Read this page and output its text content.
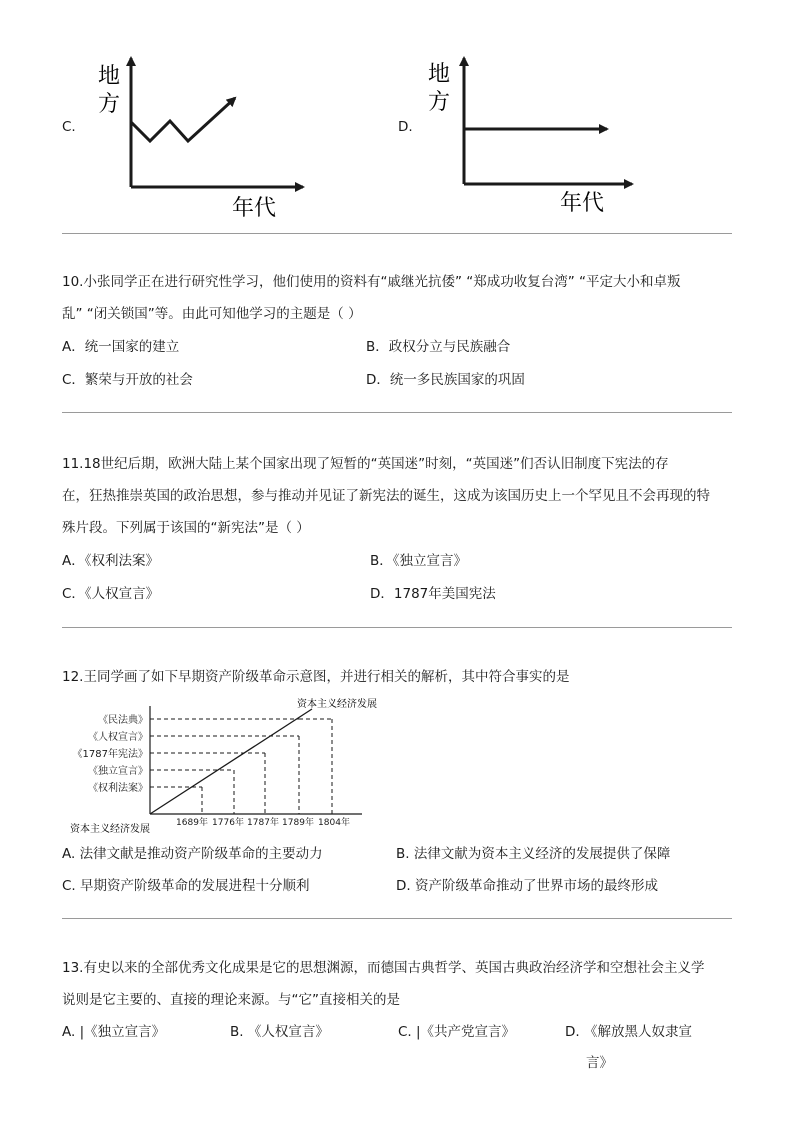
C.
地
方
年代
D.
地
方
年代
10.小张同学正在进行研究性学习，他们使用的资料有“戚继光抗倭” “郑成功收复台湾” “平定大小和卓叛
乱” “闭关锁国”等。由此可知他学习的主题是（ ）
A．统一国家的建立	B．政权分立与民族融合
C．繁荣与开放的社会	D．统一多民族国家的巩固
11.18世纪后期，欧洲大陆上某个国家出现了短暂的“英国迷”时刻，“英国迷”们否认旧制度下宪法的存
在，狂热推崇英国的政治思想，参与推动并见证了新宪法的诞生，这成为该国历史上一个罕见且不会再现的特
殊片段。下列属于该国的“新宪法”是（ ）
A．《权利法案》	B．《独立宣言》
C．《人权宣言》	D．1787年美国宪法
12.王同学画了如下早期资产阶级革命示意图，并进行相关的解析，其中符合事实的是
《民法典》
《人权宣言》
《1787年宪法》
《独立宣言》
《权利法案》
1689年 1776年 1787年 1789年 1804年
资本主义经济发展
资本主义经济发展
A. 法律文献是推动资产阶级革命的主要动力	B. 法律文献为资本主义经济的发展提供了保障
C. 早期资产阶级革命的发展进程十分顺利	D. 资产阶级革命推动了世界市场的最终形成
13.有史以来的全部优秀文化成果是它的思想渊源，而德国古典哲学、英国古典政治经济学和空想社会主义学
说则是它主要的、直接的理论来源。与“它”直接相关的是
A. |《独立宣言》	B. 《人权宣言》	C. |《共产党宣言》	D. 《解放黑人奴隶宣
言》
